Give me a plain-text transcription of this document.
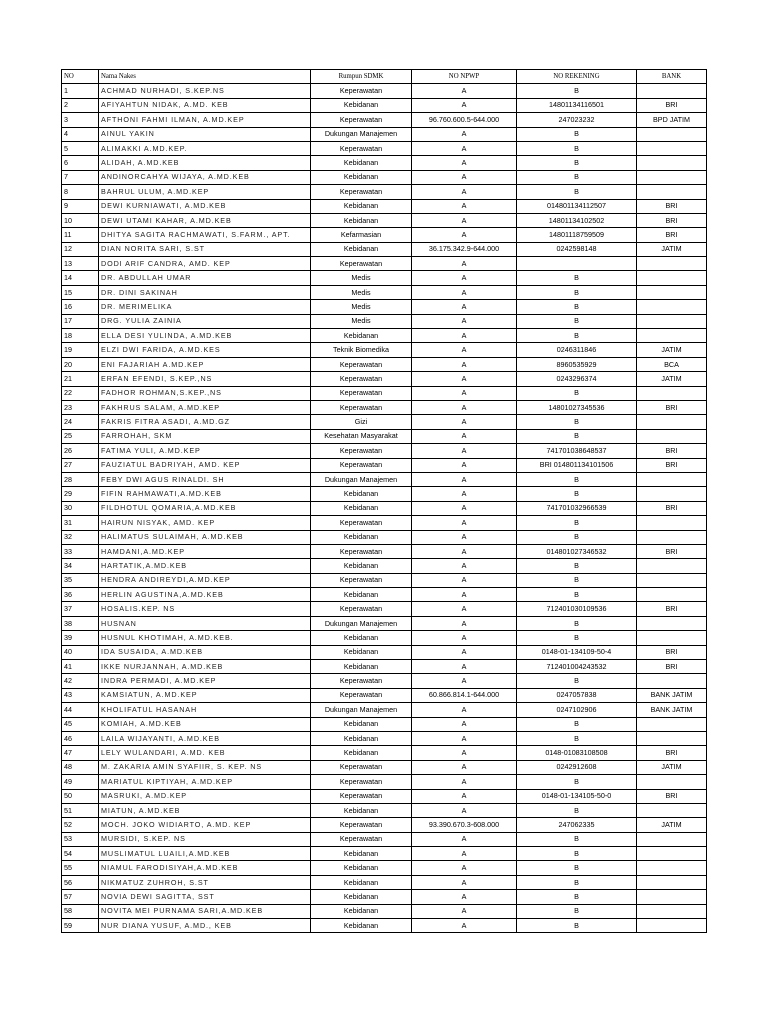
NO	Nama Nakes	Rumpun SDMK	NO NPWP	NO REKENING	BANK
1	ACHMAD NURHADI, S.KEP.NS	Keperawatan	A	B	
2	AFIYAHTUN NIDAK, A.MD. KEB	Kebidanan	A	14801134116501	BRI
3	AFTHONI FAHMI ILMAN, A.MD.KEP	Keperawatan	96.760.600.5-644.000	247023232	BPD JATIM
4	AINUL YAKIN	Dukungan Manajemen	A	B	
5	ALIMAKKI A.MD.KEP.	Keperawatan	A	B	
6	ALIDAH, A.MD.KEB	Kebidanan	A	B	
7	ANDINORCAHYA WIJAYA, A.MD.KEB	Kebidanan	A	B	
8	BAHRUL ULUM, A.MD.KEP	Keperawatan	A	B	
9	DEWI KURNIAWATI, A.MD.KEB	Kebidanan	A	014801134112507	BRI
10	DEWI UTAMI KAHAR, A.MD.KEB	Kebidanan	A	14801134102502	BRI
11	DHITYA SAGITA RACHMAWATI, S.FARM., APT.	Kefarmasian	A	14801118759509	BRI
12	DIAN NORITA SARI, S.ST	Kebidanan	36.175.342.9-644.000	0242598148	JATIM
13	DODI ARIF CANDRA, AMD. KEP	Keperawatan	A		
14	DR. ABDULLAH UMAR	Medis	A	B	
15	DR. DINI SAKINAH	Medis	A	B	
16	DR. MERIMELIKA	Medis	A	B	
17	DRG. YULIA ZAINIA	Medis	A	B	
18	ELLA DESI YULINDA, A.MD.KEB	Kebidanan	A	B	
19	ELZI DWI FARIDA, A.MD.KES	Teknik Biomedika	A	0246311846	JATIM
20	ENI FAJARIAH A.MD.KEP	Keperawatan	A	8960535929	BCA
21	ERFAN EFENDI, S.KEP.,NS	Keperawatan	A	0243296374	JATIM
22	FADHOR ROHMAN,S.KEP.,NS	Keperawatan	A	B	
23	FAKHRUS SALAM, A.MD.KEP	Keperawatan	A	14801027345536	BRI
24	FAKRIS FITRA ASADI, A.MD.GZ	Gizi	A	B	
25	FARROHAH, SKM	Kesehatan Masyarakat	A	B	
26	FATIMA YULI, A.MD.KEP	Keperawatan	A	741701038648537	BRI
27	FAUZIATUL BADRIYAH, AMD. KEP	Keperawatan	A	BRI 014801134101506	BRI
28	FEBY DWI AGUS RINALDI. SH	Dukungan Manajemen	A	B	
29	FIFIN RAHMAWATI,A.MD.KEB	Kebidanan	A	B	
30	FILDHOTUL QOMARIA,A.MD.KEB	Kebidanan	A	741701032966539	BRI
31	HAIRUN NISYAK, AMD. KEP	Keperawatan	A	B	
32	HALIMATUS SULAIMAH, A.MD.KEB	Kebidanan	A	B	
33	HAMDANI,A.MD.KEP	Keperawatan	A	014801027346532	BRI
34	HARTATIK,A.MD.KEB	Kebidanan	A	B	
35	HENDRA ANDIREYDI,A.MD.KEP	Keperawatan	A	B	
36	HERLIN AGUSTINA,A.MD.KEB	Kebidanan	A	B	
37	HOSALIS.KEP. NS	Keperawatan	A	712401030109536	BRI
38	HUSNAN	Dukungan Manajemen	A	B	
39	HUSNUL KHOTIMAH, A.MD.KEB.	Kebidanan	A	B	
40	IDA SUSAIDA, A.MD.KEB	Kebidanan	A	0148-01-134109-50-4	BRI
41	IKKE NURJANNAH, A.MD.KEB	Kebidanan	A	712401004243532	BRI
42	INDRA PERMADI, A.MD.KEP	Keperawatan	A	B	
43	KAMSIATUN, A.MD.KEP	Keperawatan	60.866.814.1-644.000	0247057838	BANK JATIM
44	KHOLIFATUL HASANAH	Dukungan Manajemen	A	0247102906	BANK JATIM
45	KOMIAH, A.MD.KEB	Kebidanan	A	B	
46	LAILA WIJAYANTI, A.MD.KEB	Kebidanan	A	B	
47	LELY WULANDARI, A.MD. KEB	Kebidanan	A	0148-01083108508	BRI
48	M. ZAKARIA AMIN SYAFIIR, S. KEP. NS	Keperawatan	A	0242912608	JATIM
49	MARIATUL KIPTIYAH, A.MD.KEP	Keperawatan	A	B	
50	MASRUKI, A.MD.KEP	Keperawatan	A	0148-01-134105-50-0	BRI
51	MIATUN, A.MD.KEB	Kebidanan	A	B	
52	MOCH. JOKO WIDIARTO, A.MD. KEP	Keperawatan	93.390.670.3-608.000	247062335	JATIM
53	MURSIDI, S.KEP. NS	Keperawatan	A	B	
54	MUSLIMATUL LUAILI,A.MD.KEB	Kebidanan	A	B	
55	NIAMUL FARODISIYAH,A.MD.KEB	Kebidanan	A	B	
56	NIKMATUZ ZUHROH, S.ST	Kebidanan	A	B	
57	NOVIA DEWI SAGITTA, SST	Kebidanan	A	B	
58	NOVITA MEI PURNAMA SARI,A.MD.KEB	Kebidanan	A	B	
59	NUR DIANA YUSUF, A.MD., KEB	Kebidanan	A	B	
